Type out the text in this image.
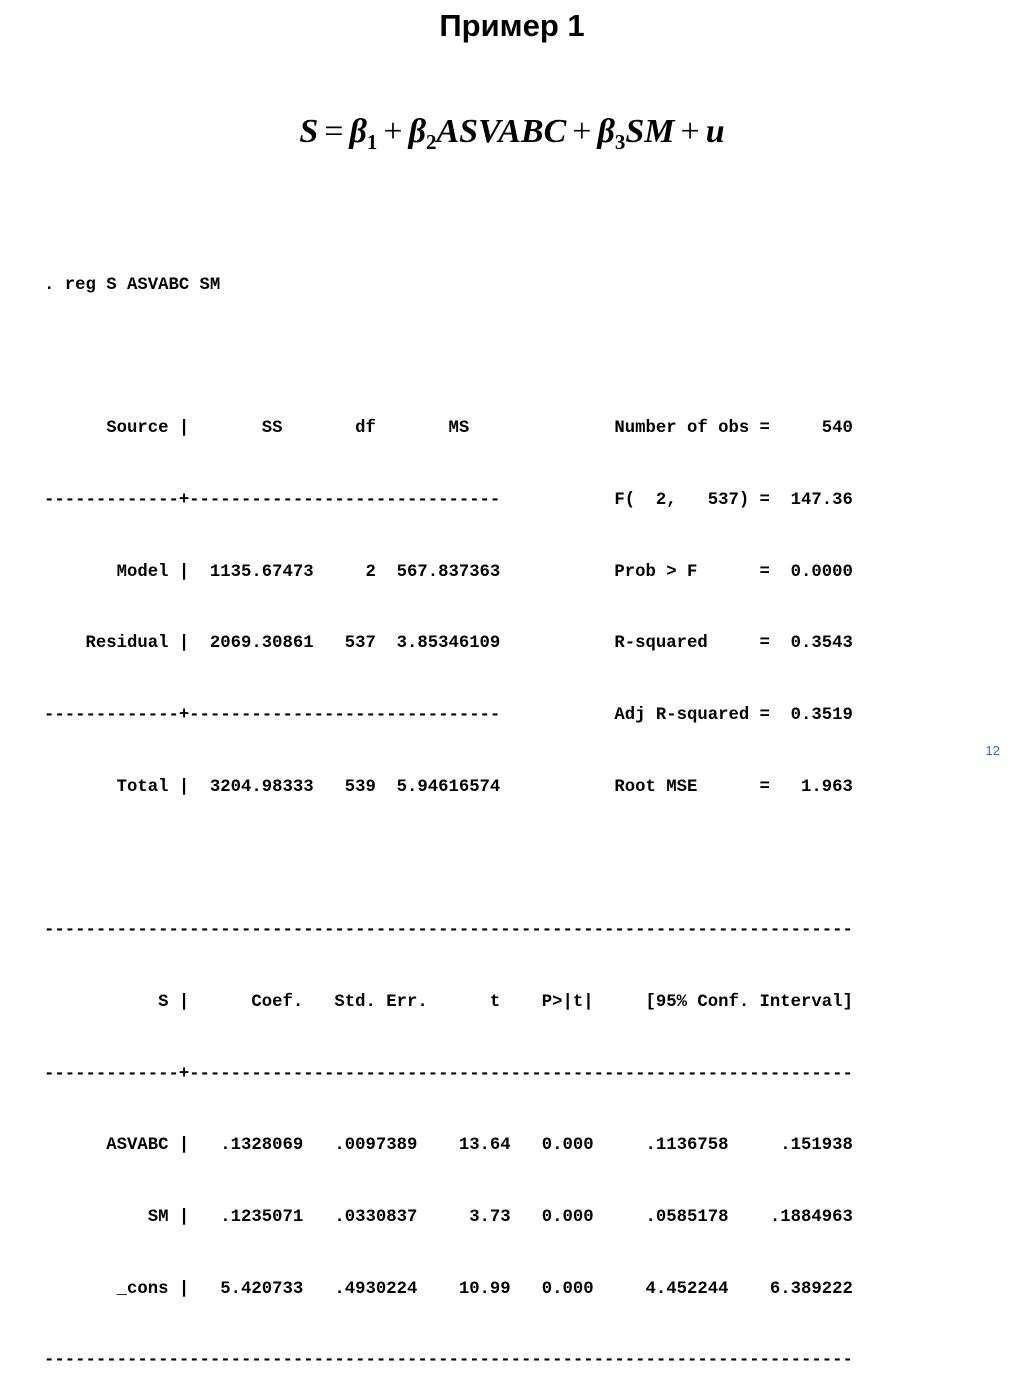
Пример 1
$S = \beta_1$ + $\beta_2ASVABC + \beta_3SM + u$

. reg S ASVABC SM

Source |       SS       df       MS              Number of obs =     540

-------------+------------------------------           F(  2,   537) =  147.36

Model |  1135.67473     2  567.837363           Prob > F      =  0.0000

Residual |  2069.30861   537  3.85346109           R-squared     =  0.3543

-------------+------------------------------           Adj R-squared =  0.3519

Total |  3204.98333   539  5.94616574           Root MSE      =   1.963

------------------------------------------------------------------------------

S |      Coef.   Std. Err.      t    P>|t|     [95% Conf. Interval]

-------------+----------------------------------------------------------------

ASVABC |   .1328069   .0097389    13.64   0.000     .1136758     .151938

SM |   .1235071   .0330837     3.73   0.000     .0585178    .1884963

_cons |   5.420733   .4930224    10.99   0.000     4.452244    6.389222

------------------------------------------------------------------------------

12
